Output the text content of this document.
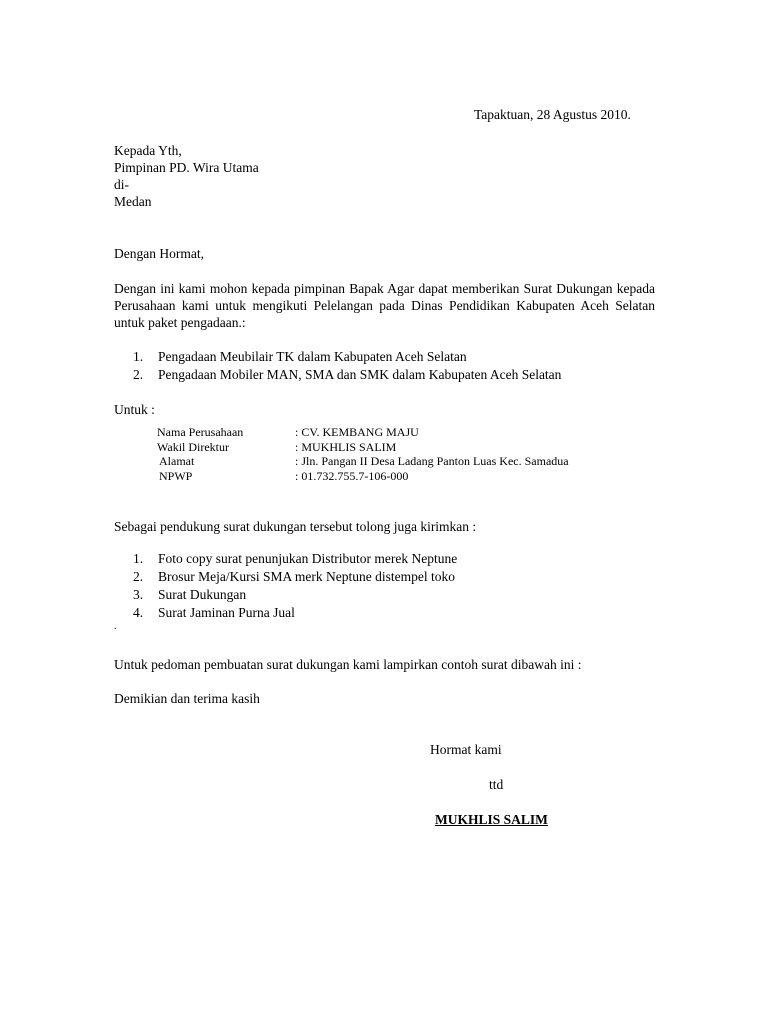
Tapaktuan, 28 Agustus 2010.
Kepada Yth,
Pimpinan PD. Wira Utama
di-
Medan
Dengan Hormat,
Dengan ini kami mohon kepada pimpinan Bapak Agar dapat memberikan Surat Dukungan kepada Perusahaan kami untuk mengikuti Pelelangan pada Dinas Pendidikan Kabupaten Aceh Selatan untuk paket pengadaan.:
1. Pengadaan Meubilair TK dalam Kabupaten Aceh Selatan
2. Pengadaan Mobiler MAN, SMA dan SMK dalam Kabupaten Aceh Selatan
Untuk :
Nama Perusahaan	: CV. KEMBANG MAJU
Wakil Direktur	: MUKHLIS SALIM
Alamat	: Jln. Pangan II Desa Ladang Panton Luas Kec. Samadua
NPWP	: 01.732.755.7-106-000
Sebagai pendukung surat dukungan tersebut tolong juga kirimkan :
1. Foto copy surat penunjukan Distributor merek Neptune
2. Brosur Meja/Kursi SMA merk Neptune distempel toko
3. Surat Dukungan
4. Surat Jaminan Purna Jual
.
Untuk pedoman pembuatan surat dukungan kami lampirkan contoh surat dibawah ini :
Demikian dan terima kasih
Hormat kami
ttd
MUKHLIS SALIM
